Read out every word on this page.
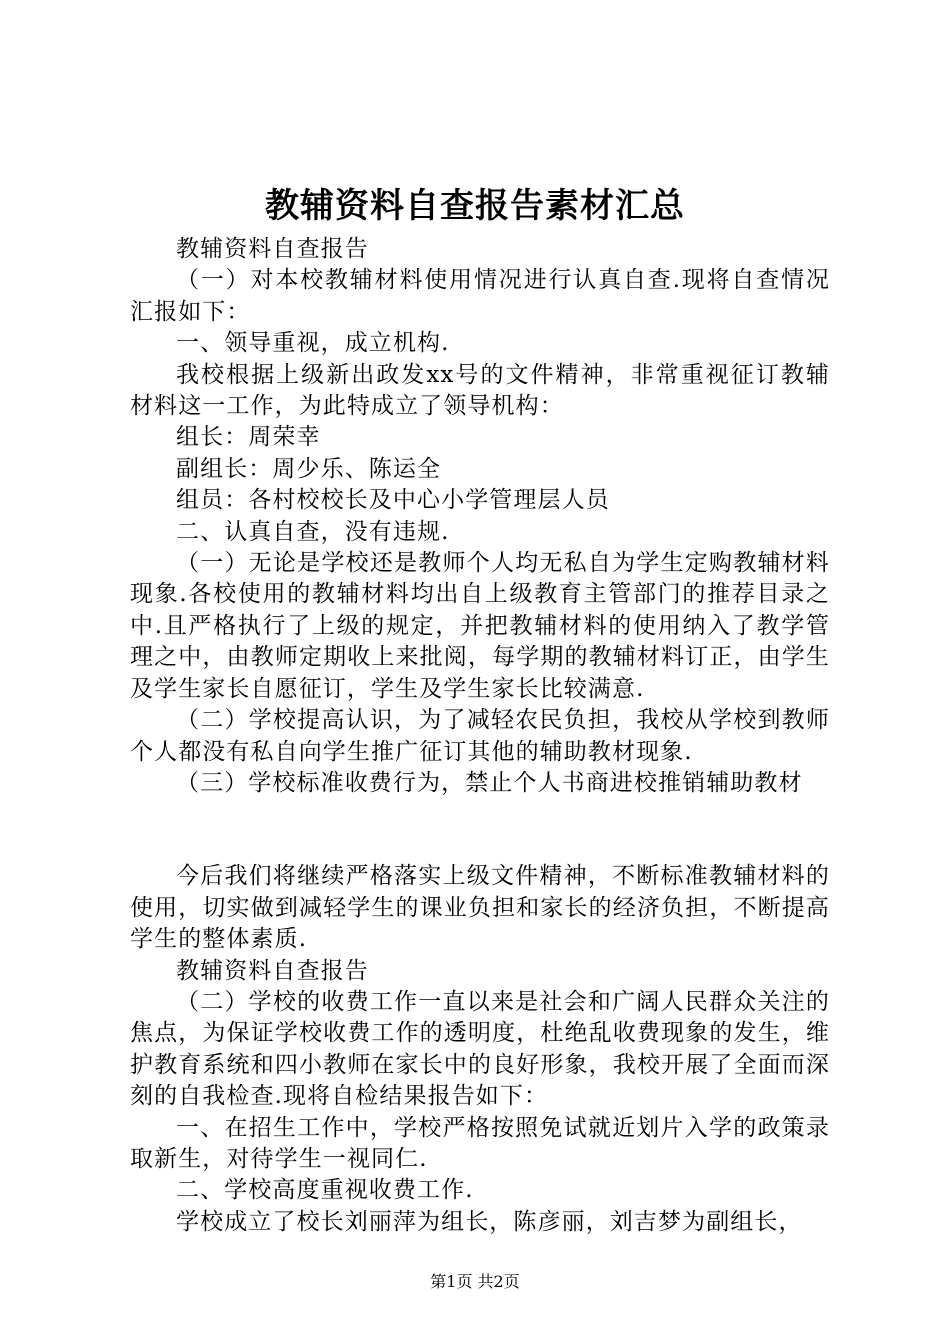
教辅资料自查报告素材汇总

教辅资料自查报告

（一）对本校教辅材料使用情况进行认真自查.现将自查情况汇报如下：

一、领导重视，成立机构.

我校根据上级新出政发xx号的文件精神，非常重视征订教辅材料这一工作，为此特成立了领导机构：

组长：周荣幸

副组长：周少乐、陈运全

组员：各村校校长及中心小学管理层人员

二、认真自查，没有违规.

（一）无论是学校还是教师个人均无私自为学生定购教辅材料现象.各校使用的教辅材料均出自上级教育主管部门的推荐目录之中.且严格执行了上级的规定，并把教辅材料的使用纳入了教学管理之中，由教师定期收上来批阅，每学期的教辅材料订正，由学生及学生家长自愿征订，学生及学生家长比较满意.

（二）学校提高认识，为了减轻农民负担，我校从学校到教师个人都没有私自向学生推广征订其他的辅助教材现象.

（三）学校标准收费行为，禁止个人书商进校推销辅助教材

今后我们将继续严格落实上级文件精神，不断标准教辅材料的使用，切实做到减轻学生的课业负担和家长的经济负担，不断提高学生的整体素质.

教辅资料自查报告

（二）学校的收费工作一直以来是社会和广阔人民群众关注的焦点，为保证学校收费工作的透明度，杜绝乱收费现象的发生，维护教育系统和四小教师在家长中的良好形象，我校开展了全面而深刻的自我检查.现将自检结果报告如下：

一、在招生工作中，学校严格按照免试就近划片入学的政策录取新生，对待学生一视同仁.

二、学校高度重视收费工作.

学校成立了校长刘丽萍为组长，陈彦丽，刘吉梦为副组长，

第1页 共2页
